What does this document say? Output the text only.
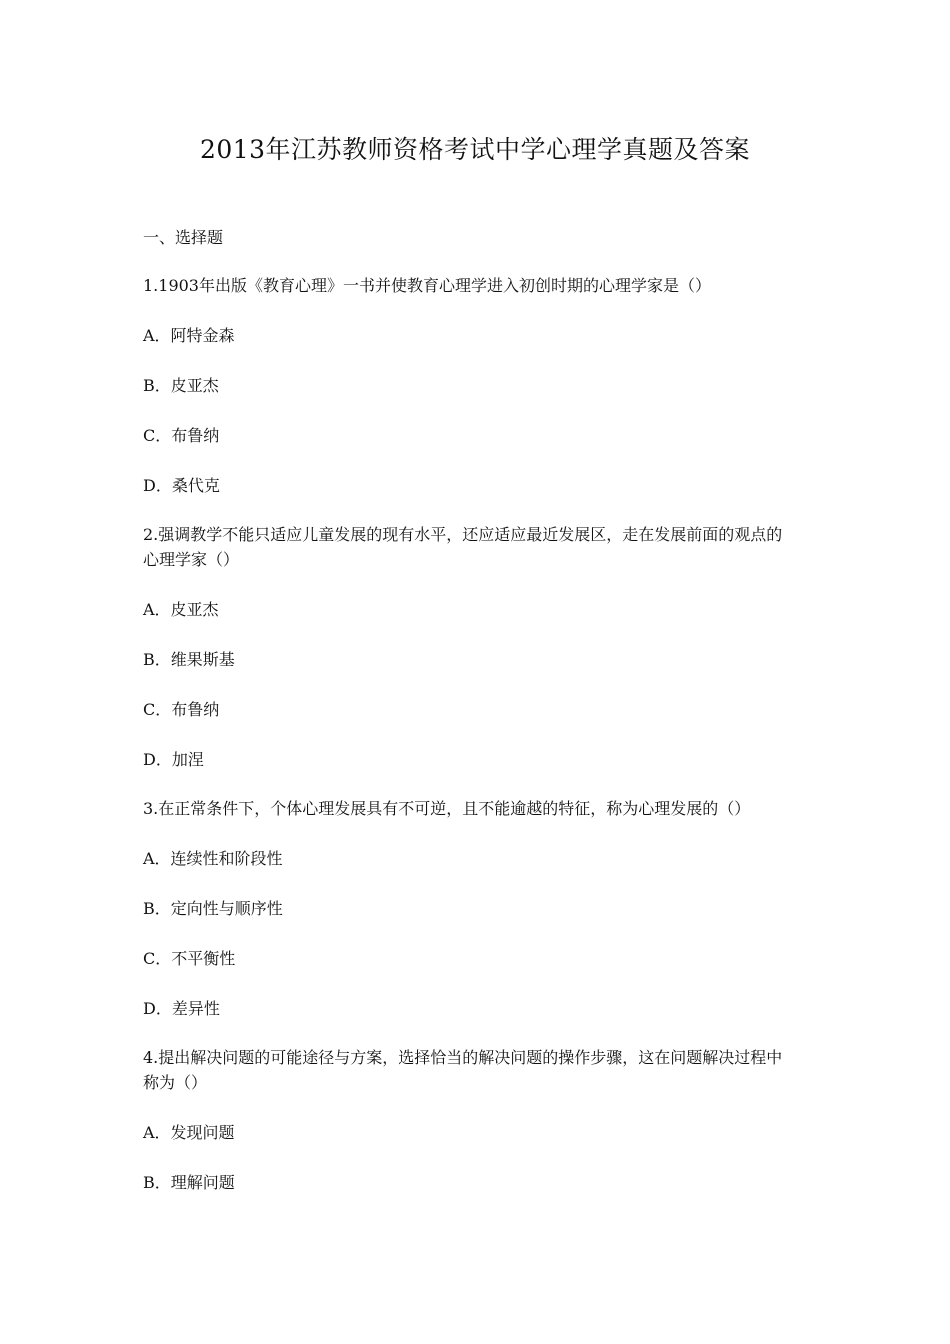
2013年江苏教师资格考试中学心理学真题及答案
一、选择题
1.1903年出版《教育心理》一书并使教育心理学进入初创时期的心理学家是（）
A．阿特金森
B．皮亚杰
C．布鲁纳
D．桑代克
2.强调教学不能只适应儿童发展的现有水平，还应适应最近发展区，走在发展前面的观点的
心理学家（）
A．皮亚杰
B．维果斯基
C．布鲁纳
D．加涅
3.在正常条件下，个体心理发展具有不可逆，且不能逾越的特征，称为心理发展的（）
A．连续性和阶段性
B．定向性与顺序性
C．不平衡性
D．差异性
4.提出解决问题的可能途径与方案，选择恰当的解决问题的操作步骤，这在问题解决过程中
称为（）
A．发现问题
B．理解问题
